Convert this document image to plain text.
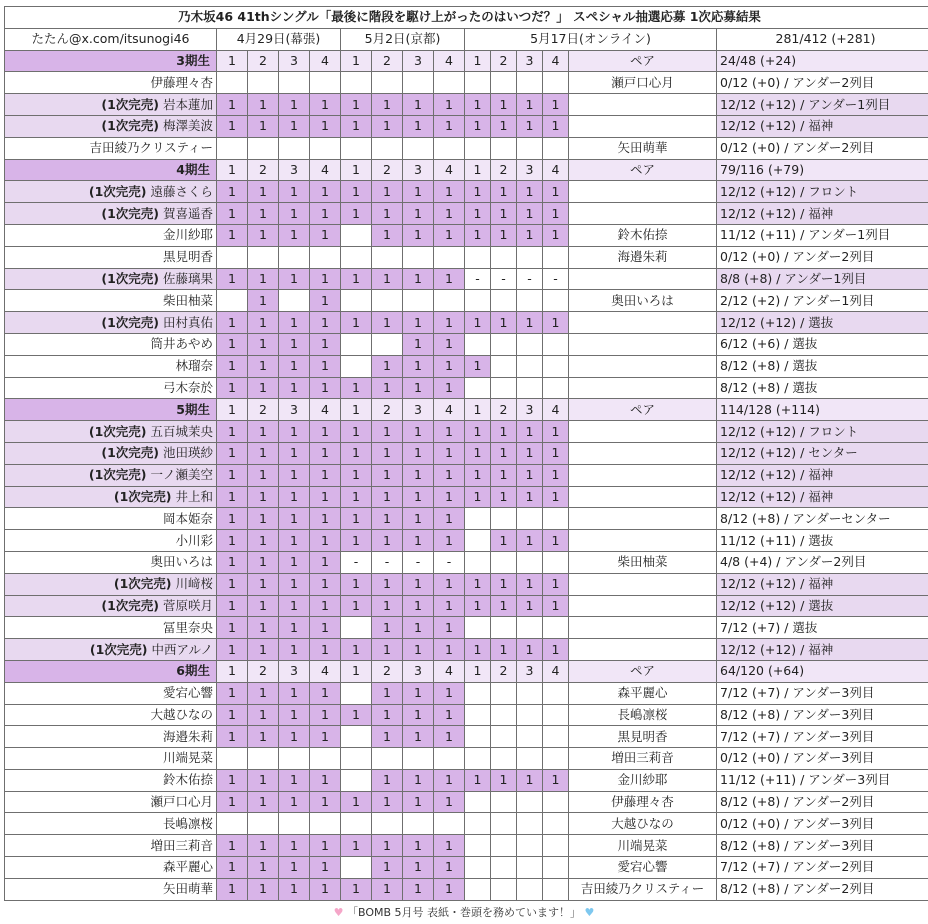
乃木坂46 41thシングル「最後に階段を駆け上がったのはいつだ？」 スペシャル抽選応募 1次応募結果														
たたん@x.com/itsunogi46	4月29日(幕張)				5月2日(京都)				5月17日(オンライン)					281/412 (+281)
3期生	1	2	3	4	1	2	3	4	1	2	3	4	ペア	24/48 (+24)
伊藤理々杏													瀬戸口心月	0/12 (+0) / アンダー2列目
(1次完売) 岩本蓮加	1	1	1	1	1	1	1	1	1	1	1	1		12/12 (+12) / アンダー1列目
(1次完売) 梅澤美波	1	1	1	1	1	1	1	1	1	1	1	1		12/12 (+12) / 福神
吉田綾乃クリスティー													矢田萌華	0/12 (+0) / アンダー2列目
4期生	1	2	3	4	1	2	3	4	1	2	3	4	ペア	79/116 (+79)
(1次完売) 遠藤さくら	1	1	1	1	1	1	1	1	1	1	1	1		12/12 (+12) / フロント
(1次完売) 賀喜遥香	1	1	1	1	1	1	1	1	1	1	1	1		12/12 (+12) / 福神
金川紗耶	1	1	1	1		1	1	1	1	1	1	1	鈴木佑捺	11/12 (+11) / アンダー1列目
黒見明香													海邉朱莉	0/12 (+0) / アンダー2列目
(1次完売) 佐藤璃果	1	1	1	1	1	1	1	1	-	-	-	-		8/8 (+8) / アンダー1列目
柴田柚菜		1		1									奥田いろは	2/12 (+2) / アンダー1列目
(1次完売) 田村真佑	1	1	1	1	1	1	1	1	1	1	1	1		12/12 (+12) / 選抜
筒井あやめ	1	1	1	1			1	1						6/12 (+6) / 選抜
林瑠奈	1	1	1	1		1	1	1	1					8/12 (+8) / 選抜
弓木奈於	1	1	1	1	1	1	1	1						8/12 (+8) / 選抜
5期生	1	2	3	4	1	2	3	4	1	2	3	4	ペア	114/128 (+114)
(1次完売) 五百城茉央	1	1	1	1	1	1	1	1	1	1	1	1		12/12 (+12) / フロント
(1次完売) 池田瑛紗	1	1	1	1	1	1	1	1	1	1	1	1		12/12 (+12) / センター
(1次完売) 一ノ瀬美空	1	1	1	1	1	1	1	1	1	1	1	1		12/12 (+12) / 福神
(1次完売) 井上和	1	1	1	1	1	1	1	1	1	1	1	1		12/12 (+12) / 福神
岡本姫奈	1	1	1	1	1	1	1	1						8/12 (+8) / アンダーセンター
小川彩	1	1	1	1	1	1	1	1		1	1	1		11/12 (+11) / 選抜
奥田いろは	1	1	1	1	-	-	-	-					柴田柚菜	4/8 (+4) / アンダー2列目
(1次完売) 川﨑桜	1	1	1	1	1	1	1	1	1	1	1	1		12/12 (+12) / 福神
(1次完売) 菅原咲月	1	1	1	1	1	1	1	1	1	1	1	1		12/12 (+12) / 選抜
冨里奈央	1	1	1	1		1	1	1						7/12 (+7) / 選抜
(1次完売) 中西アルノ	1	1	1	1	1	1	1	1	1	1	1	1		12/12 (+12) / 福神
6期生	1	2	3	4	1	2	3	4	1	2	3	4	ペア	64/120 (+64)
愛宕心響	1	1	1	1		1	1	1					森平麗心	7/12 (+7) / アンダー3列目
大越ひなの	1	1	1	1	1	1	1	1					長嶋凛桜	8/12 (+8) / アンダー3列目
海邉朱莉	1	1	1	1		1	1	1					黒見明香	7/12 (+7) / アンダー3列目
川端晃菜													増田三莉音	0/12 (+0) / アンダー3列目
鈴木佑捺	1	1	1	1		1	1	1	1	1	1	1	金川紗耶	11/12 (+11) / アンダー3列目
瀬戸口心月	1	1	1	1	1	1	1	1					伊藤理々杏	8/12 (+8) / アンダー2列目
長嶋凛桜													大越ひなの	0/12 (+0) / アンダー3列目
増田三莉音	1	1	1	1	1	1	1	1					川端晃菜	8/12 (+8) / アンダー3列目
森平麗心	1	1	1	1		1	1	1					愛宕心響	7/12 (+7) / アンダー2列目
矢田萌華	1	1	1	1	1	1	1	1					吉田綾乃クリスティー	8/12 (+8) / アンダー2列目
♥ 「BOMB 5月号 表紙・巻頭を務めています！」 ♥
